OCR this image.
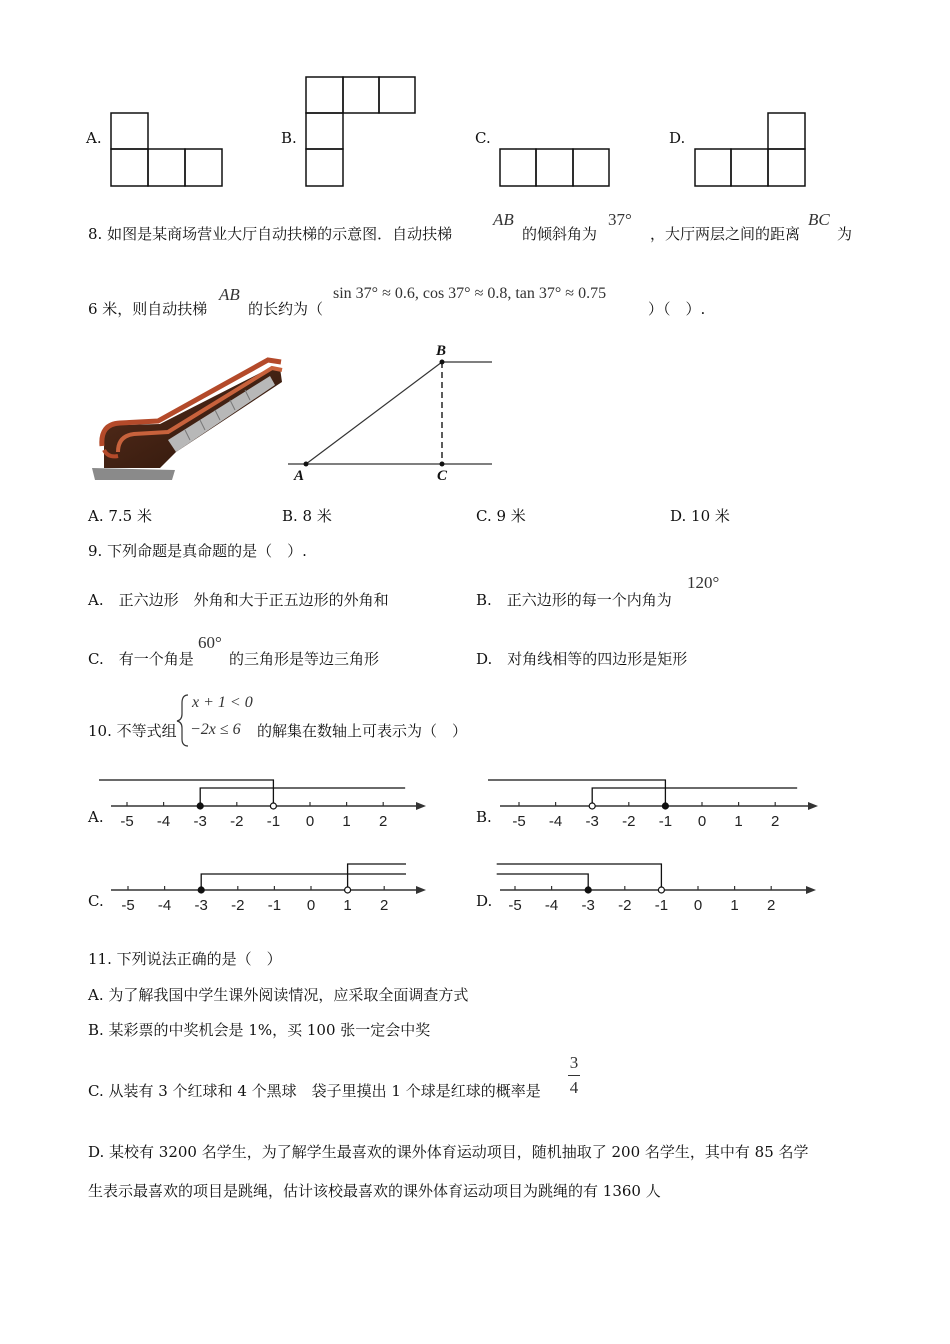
A.	B.	C.	D.
8. 如图是某商场营业大厅自动扶梯的示意图．自动扶梯
AB
的倾斜角为
37°
，大厅两层之间的距离
BC
为
6 米，则自动扶梯
AB
的长约为（
sin 37° ≈ 0.6, cos 37° ≈ 0.8, tan 37° ≈ 0.75
）（　）.
B
A	C
A. 7.5 米	B. 8 米	C. 9 米	D. 10 米
9. 下列命题是真命题的是（　）.
A.　正六边形　外角和大于正五边形的外角和	B.　正六边形的每一个内角为
120°
C.　有一个角是
60°
的三角形是等边三角形	D.　对角线相等的四边形是矩形
10. 不等式组
x + 1 < 0
−2x ≤ 6 的解集在数轴上可表示为（　）
A.	B.
C.	D.
-5 -4 -3 -2 -1 0 1 2	-5 -4 -3 -2 -1 0 1 2
-5 -4 -3 -2 -1 0 1 2	-5 -4 -3 -2 -1 0 1 2
11. 下列说法正确的是（　）
A. 为了解我国中学生课外阅读情况，应采取全面调查方式
B. 某彩票的中奖机会是 1%，买 100 张一定会中奖
C. 从装有 3 个红球和 4 个黑球　袋子里摸出 1 个球是红球的概率是
3
4
D. 某校有 3200 名学生，为了解学生最喜欢的课外体育运动项目，随机抽取了 200 名学生，其中有 85 名学
生表示最喜欢的项目是跳绳，估计该校最喜欢的课外体育运动项目为跳绳的有 1360 人
